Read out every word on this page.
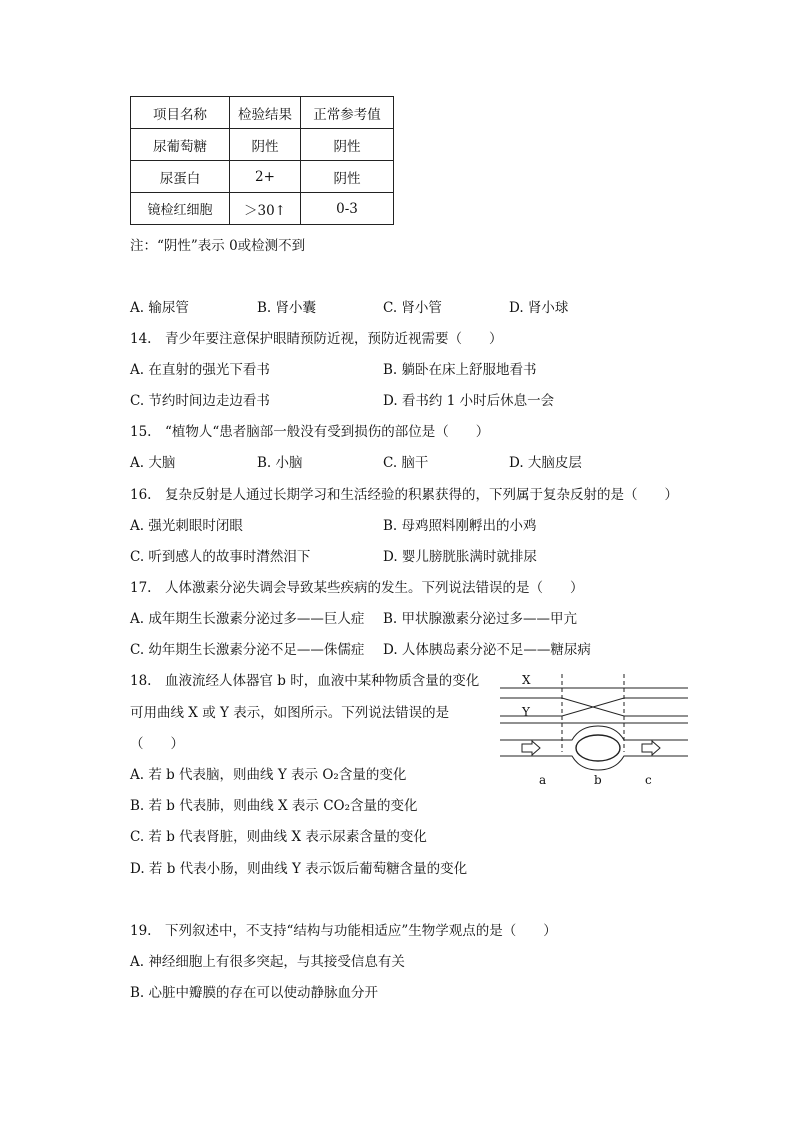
项目名称	检验结果	正常参考值
尿葡萄糖	阴性	阴性
尿蛋白	2+	阴性
镜检红细胞	＞30↑	0-3
注：“阴性”表示 0或检测不到
A. 输尿管	B. 肾小囊	C. 肾小管	D. 肾小球
14.　青少年要注意保护眼睛预防近视，预防近视需要（　　）
A. 在直射的强光下看书	B. 躺卧在床上舒服地看书
C. 节约时间边走边看书	D. 看书约 1 小时后休息一会
15.　“植物人“患者脑部一般没有受到损伤的部位是（　　）
A. 大脑	B. 小脑	C. 脑干	D. 大脑皮层
16.　复杂反射是人通过长期学习和生活经验的积累获得的，下列属于复杂反射的是（　　）
A. 强光刺眼时闭眼	B. 母鸡照料刚孵出的小鸡
C. 听到感人的故事时潸然泪下	D. 婴儿膀胱胀满时就排尿
17.　人体激素分泌失调会导致某些疾病的发生。下列说法错误的是（　　）
A. 成年期生长激素分泌过多——巨人症 B. 甲状腺激素分泌过多——甲亢
C. 幼年期生长激素分泌不足——侏儒症 D. 人体胰岛素分泌不足——糖尿病
18.　血液流经人体器官 b 时，血液中某种物质含量的变化
可用曲线 X 或 Y 表示，如图所示。下列说法错误的是
（　　）
A. 若 b 代表脑，则曲线 Y 表示 O₂含量的变化
B. 若 b 代表肺，则曲线 X 表示 CO₂含量的变化
C. 若 b 代表肾脏，则曲线 X 表示尿素含量的变化
D. 若 b 代表小肠，则曲线 Y 表示饭后葡萄糖含量的变化
X
Y
a	b	c
19.　下列叙述中，不支持“结构与功能相适应”生物学观点的是（　　）
A. 神经细胞上有很多突起，与其接受信息有关
B. 心脏中瓣膜的存在可以使动静脉血分开
